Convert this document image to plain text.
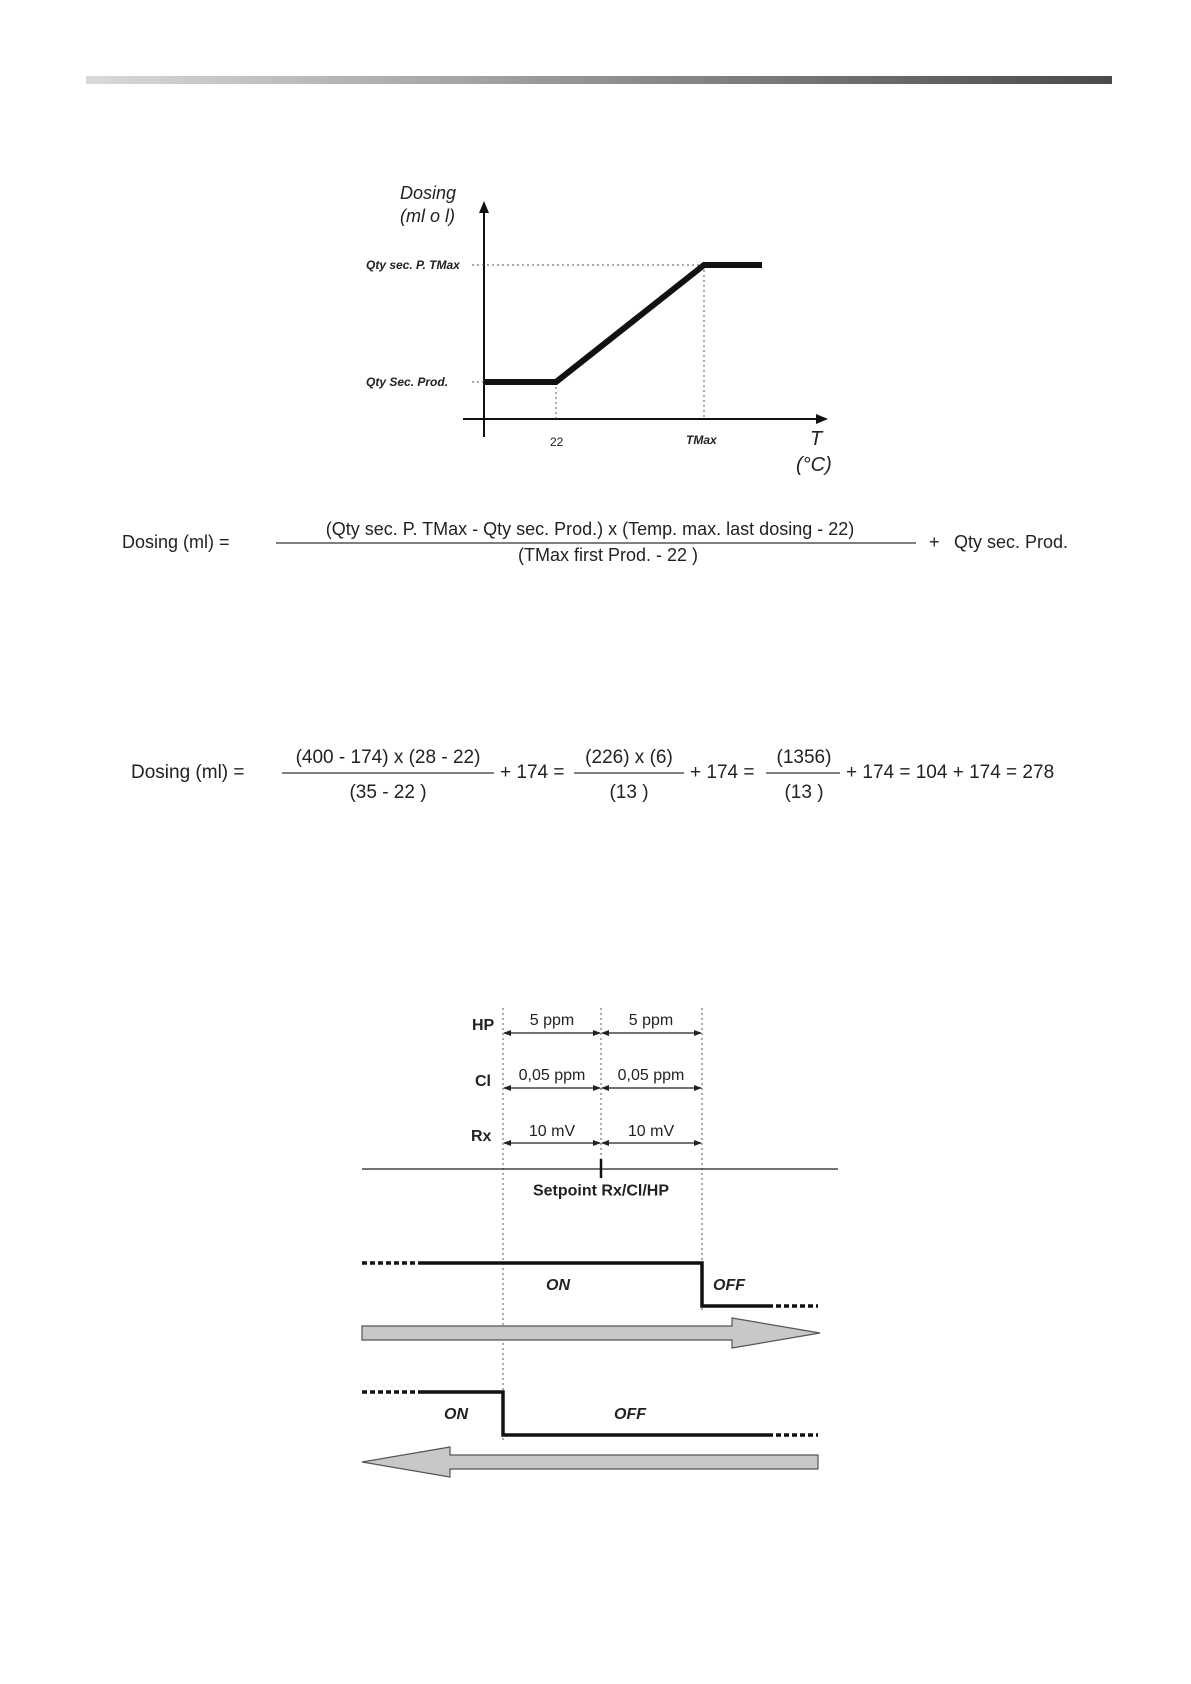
Dosing
(ml o l)
Qty sec. P. TMax
Qty Sec. Prod.
22	TMax	T
(°C)
Dosing (ml) =
(Qty sec. P. TMax - Qty sec. Prod.) x (Temp. max. last dosing - 22)
(TMax first Prod. - 22 )
+ Qty sec. Prod.
Dosing (ml) =
(400 - 174) x (28 - 22)
(35 - 22 )
+ 174 =
(226) x (6)
(13 )
+ 174 =
(1356)
(13 )
+ 174 = 104 + 174 = 278
HP 5 ppm	5 ppm
Cl 0,05 ppm 0,05 ppm
Rx 10 mV	10 mV
Setpoint Rx/Cl/HP
ON	OFF
ON	OFF
